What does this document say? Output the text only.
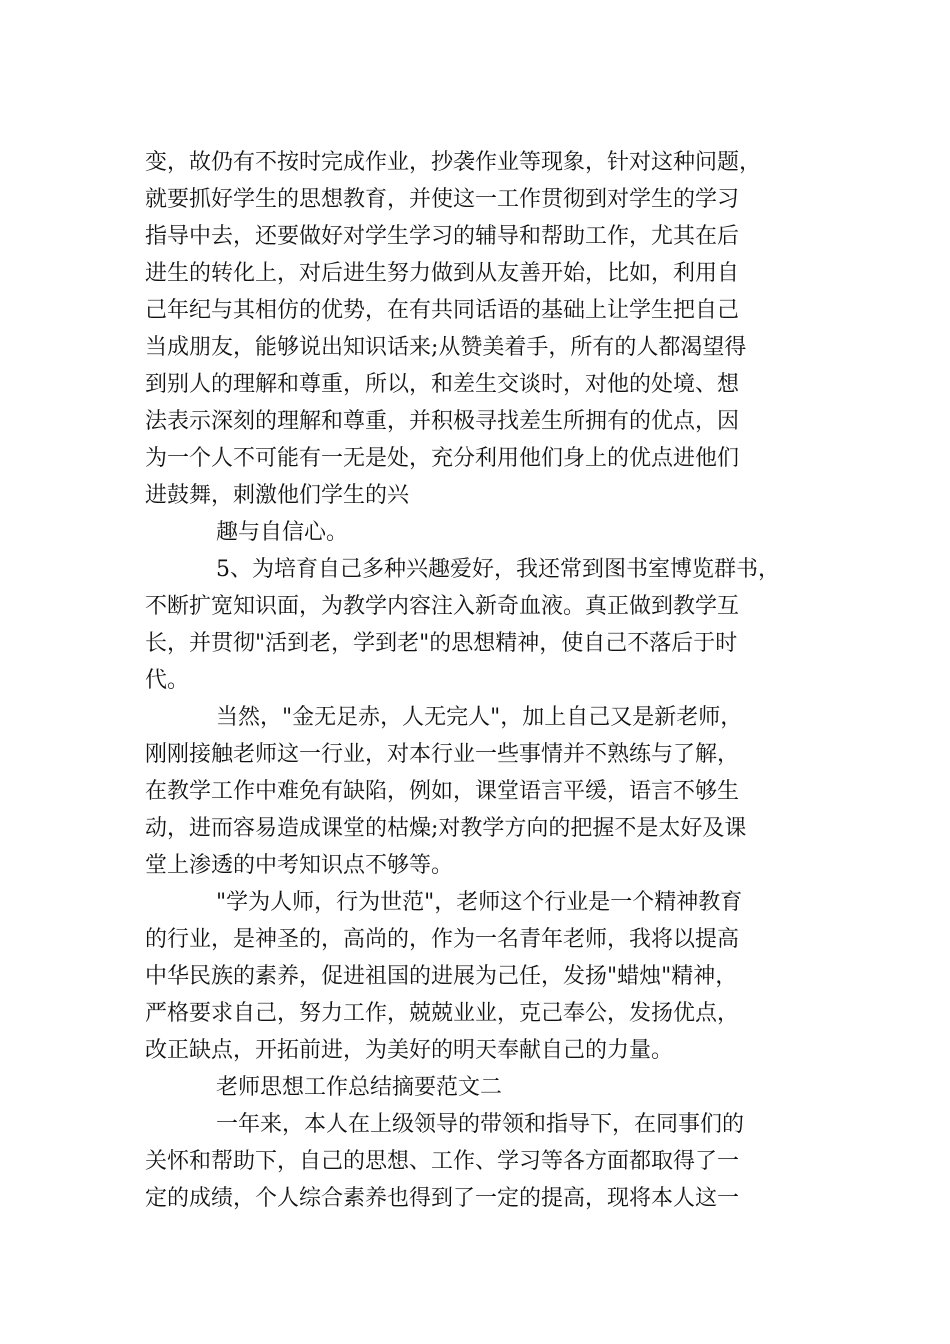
变，故仍有不按时完成作业，抄袭作业等现象，针对这种问题，
就要抓好学生的思想教育，并使这一工作贯彻到对学生的学习
指导中去，还要做好对学生学习的辅导和帮助工作，尤其在后
进生的转化上，对后进生努力做到从友善开始，比如，利用自
己年纪与其相仿的优势，在有共同话语的基础上让学生把自己
当成朋友，能够说出知识话来;从赞美着手，所有的人都渴望得
到别人的理解和尊重，所以，和差生交谈时，对他的处境、想
法表示深刻的理解和尊重，并积极寻找差生所拥有的优点，因
为一个人不可能有一无是处，充分利用他们身上的优点进他们
进鼓舞，刺激他们学生的兴
趣与自信心。
5、为培育自己多种兴趣爱好，我还常到图书室博览群书，
不断扩宽知识面，为教学内容注入新奇血液。真正做到教学互
长，并贯彻"活到老，学到老"的思想精神，使自己不落后于时
代。
当然，"金无足赤，人无完人"，加上自己又是新老师，
刚刚接触老师这一行业，对本行业一些事情并不熟练与了解，
在教学工作中难免有缺陷，例如，课堂语言平缓，语言不够生
动，进而容易造成课堂的枯燥;对教学方向的把握不是太好及课
堂上渗透的中考知识点不够等。
"学为人师，行为世范"，老师这个行业是一个精神教育
的行业，是神圣的，高尚的，作为一名青年老师，我将以提高
中华民族的素养，促进祖国的进展为己任，发扬"蜡烛"精神，
严格要求自己，努力工作，兢兢业业，克己奉公，发扬优点，
改正缺点，开拓前进，为美好的明天奉献自己的力量。
老师思想工作总结摘要范文二
一年来，本人在上级领导的带领和指导下，在同事们的
关怀和帮助下，自己的思想、工作、学习等各方面都取得了一
定的成绩，个人综合素养也得到了一定的提高，现将本人这一
